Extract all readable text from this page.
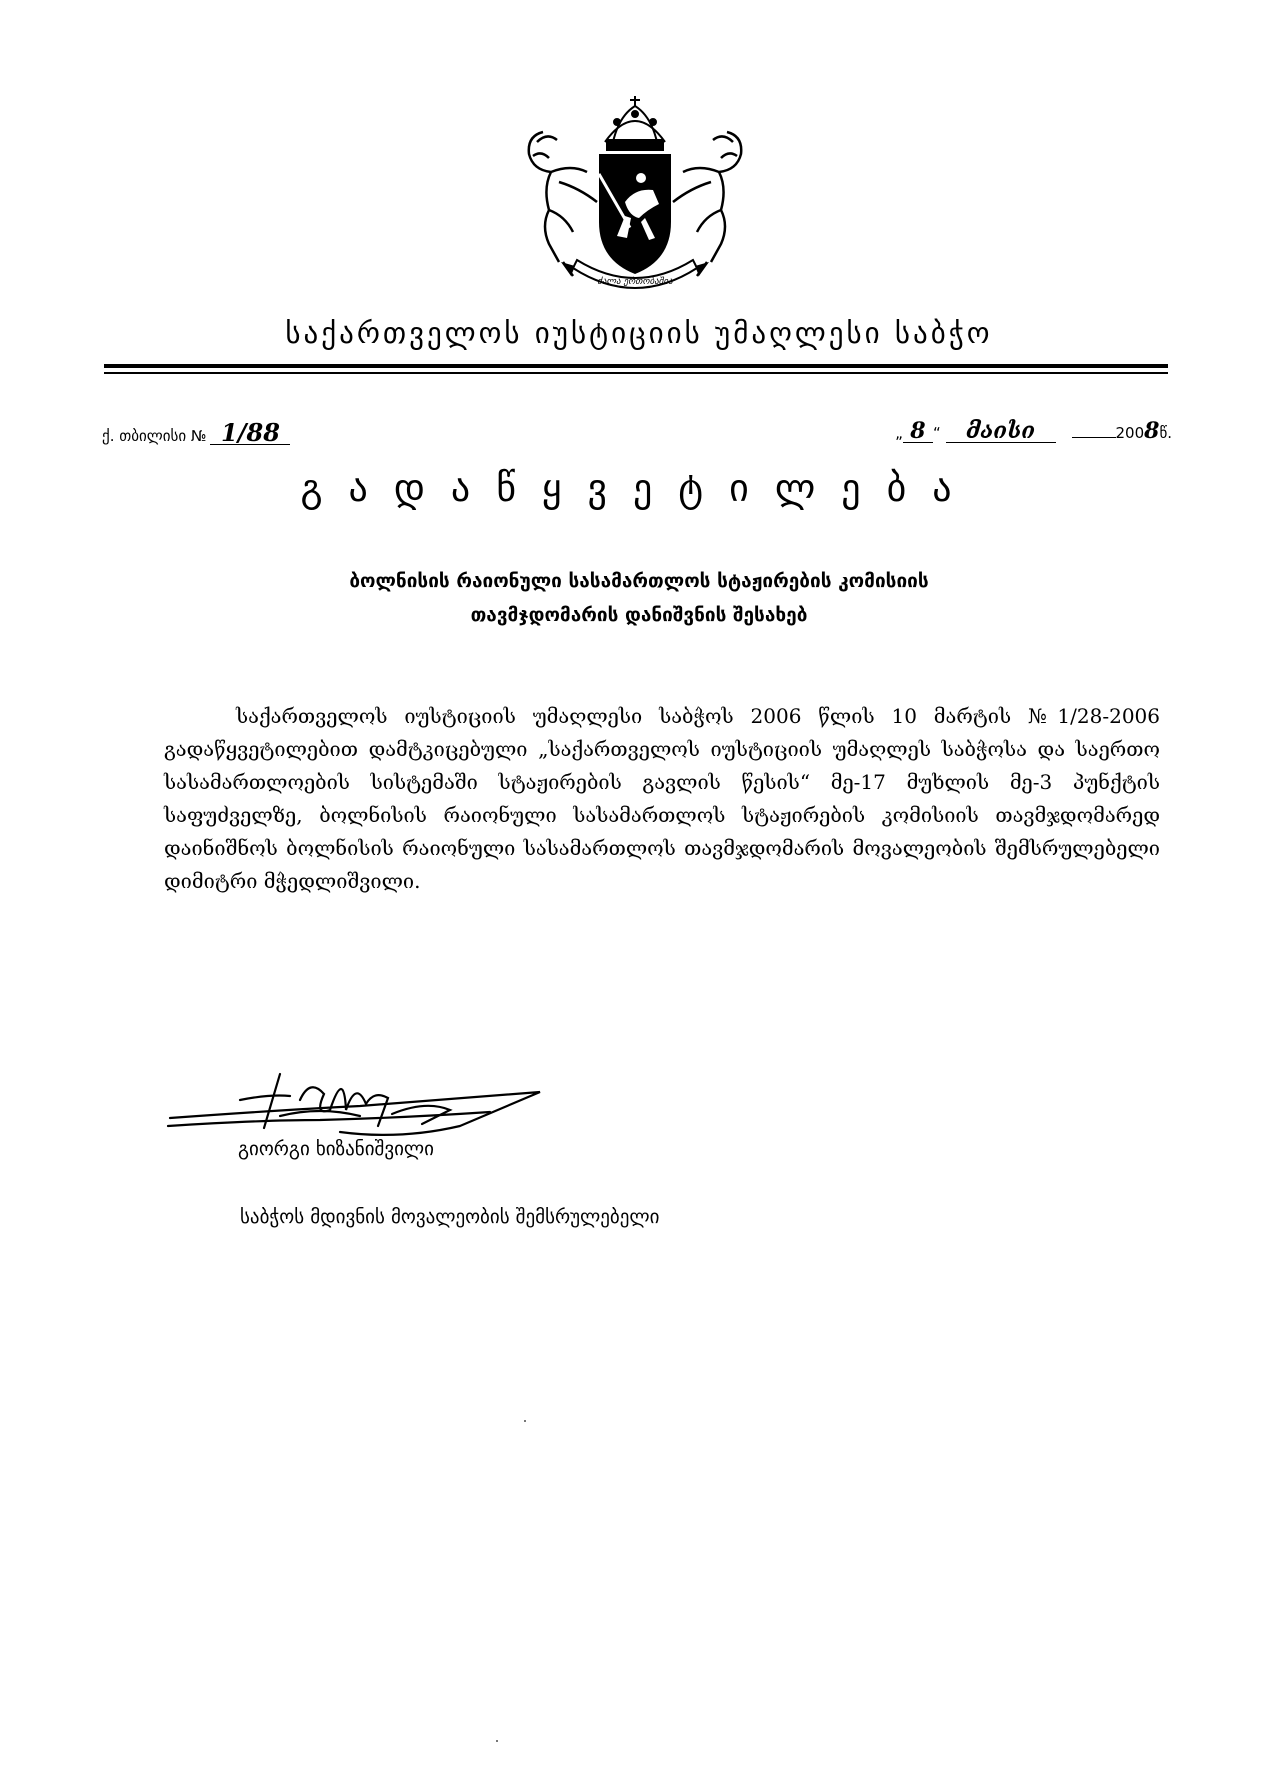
ძალა ერთობაშია
საქართველოს იუსტიციის უმაღლესი საბჭო
ქ. თბილისი № 1/88	„ 8 “ მაისი	2008წ.
გადაწყვეტილება
ბოლნისის რაიონული სასამართლოს სტაჟირების კომისიის
თავმჯდომარის დანიშვნის შესახებ
საქართველოს იუსტიციის უმაღლესი საბჭოს 2006 წლის 10 მარტის №1/28-2006 გადაწყვეტილებით დამტკიცებული „საქართველოს იუსტიციის უმაღლეს საბჭოსა და საერთო სასამართლოების სისტემაში სტაჟირების გავლის წესის“ მე-17 მუხლის მე-3 პუნქტის საფუძველზე, ბოლნისის რაიონული სასამართლოს სტაჟირების კომისიის თავმჯდომარედ დაინიშნოს ბოლნისის რაიონული სასამართლოს თავმჯდომარის მოვალეობის შემსრულებელი დიმიტრი მჭედლიშვილი.
გიორგი ხიზანიშვილი
საბჭოს მდივნის მოვალეობის შემსრულებელი
